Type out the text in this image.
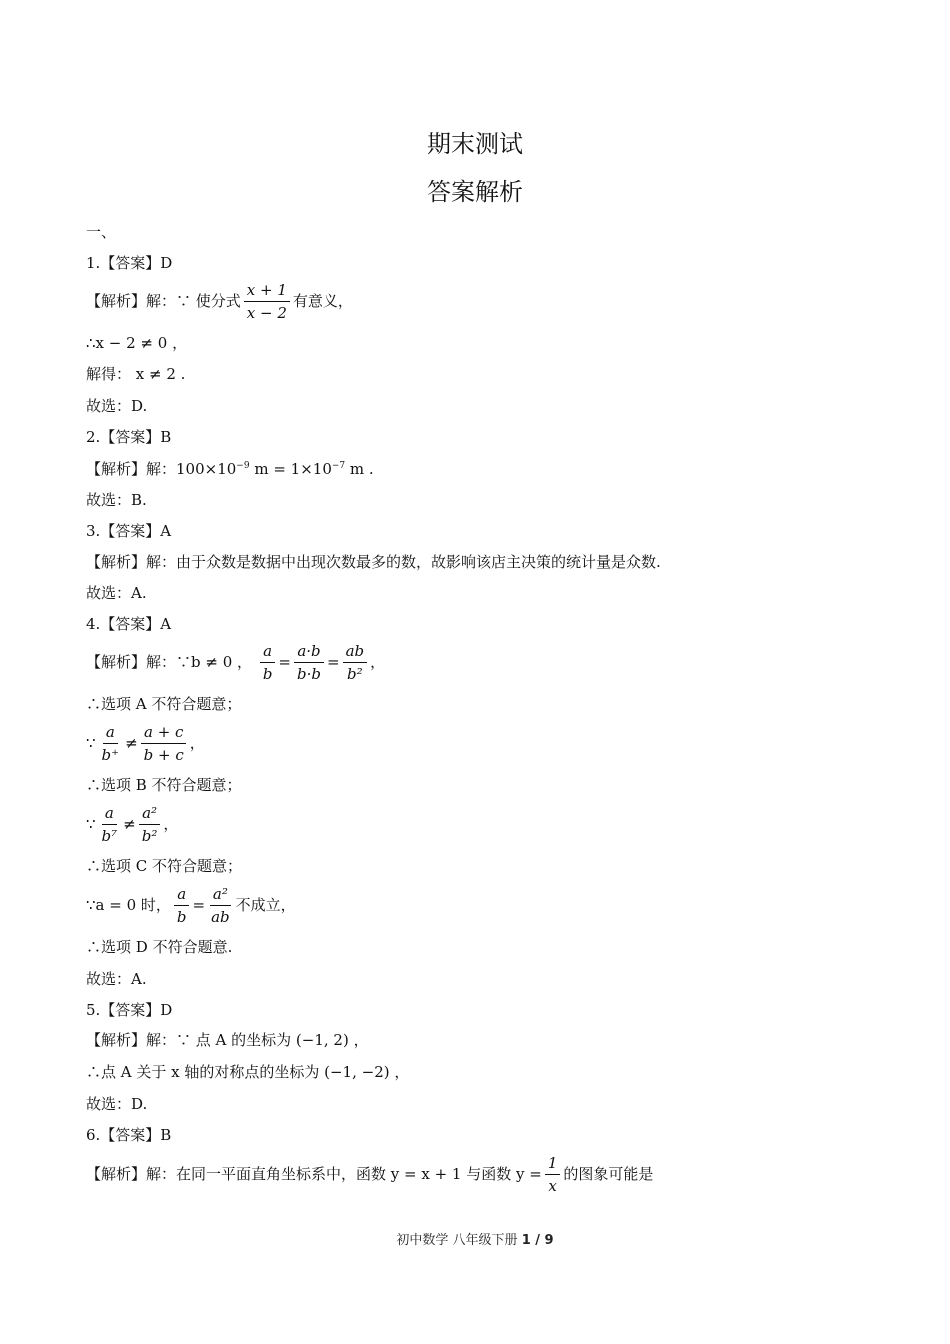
期末测试
答案解析
一、
1.【答案】D
【解析】解：∵ 使分式 $\frac{x + 1}{x - 2}$ 有意义，
∴x − 2 ≠ 0 ，
解得： x ≠ 2 .
故选：D.
2.【答案】B
【解析】解：$100\times 10^{-9}$ $m = 1\times 10^{-7}$ m .
故选：B.
3.【答案】A
【解析】解：由于众数是数据中出现次数最多的数，故影响该店主决策的统计量是众数.
故选：A.
4.【答案】A
【解析】解：∵b ≠ 0 ， $\frac{a}{b} = \frac{a\cdot b}{b\cdot b} = \frac{ab}{\text{b²}}$ ，
∴选项 A 不符合题意；
∵ $\frac{a}{b^+} \ne \frac{a + c}{b + c}$ ，
∴选项 B 不符合题意；
∵ $\frac{a}{\text{b⁷}} \ne \frac{\text{a²}}{\text{b²}}$ ，
∴选项 C 不符合题意；
∵a = 0 时， $\frac{a}{b} = \frac{\text{a²}}{ab}$ 不成立，
∴选项 D 不符合题意.
故选：A.
5.【答案】D
【解析】解：∵ 点 A 的坐标为 (−1, 2) ，
∴点 A 关于 x 轴的对称点的坐标为 (−1, −2) ，
故选：D.
6.【答案】B
【解析】解：在同一平面直角坐标系中，函数 y = x + 1 与函数 $y = \frac{1}{x}$ 的图象可能是
初中数学 八年级下册 1 / 9
